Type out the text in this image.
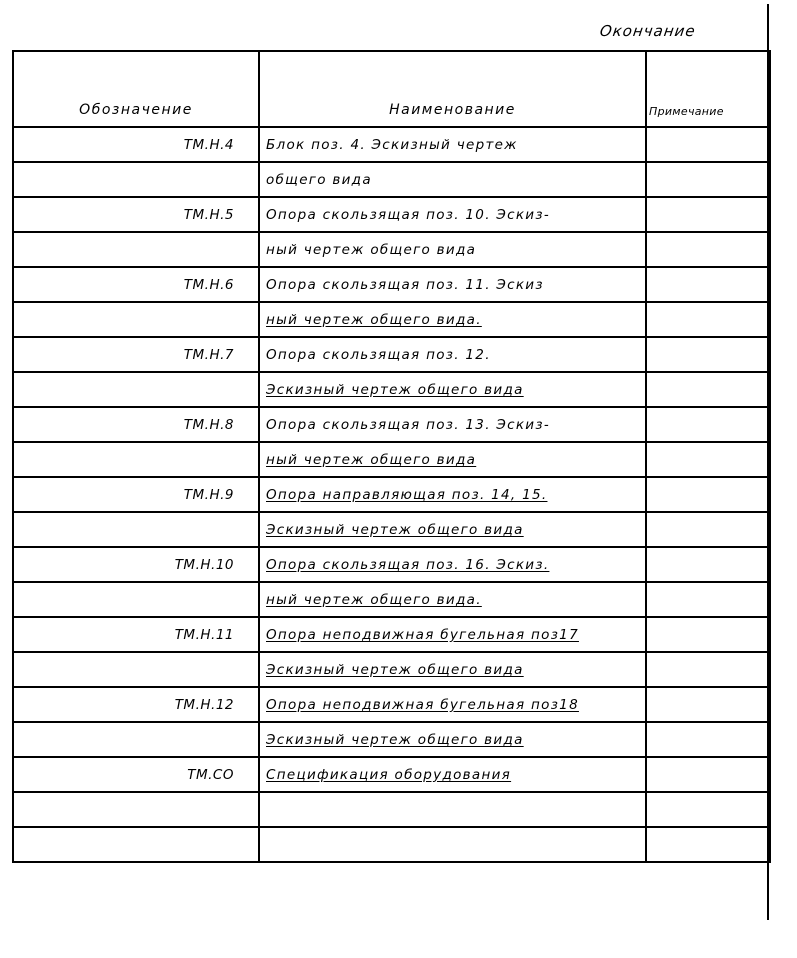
Окончание
Обозначение	Наименование	Примечание
ТМ.Н.4	Блок поз. 4. Эскизный чертеж	
	общего вида	
ТМ.Н.5	Опора скользящая поз. 10. Эскиз-	
	ный чертеж общего вида	
ТМ.Н.6	Опора скользящая поз. 11. Эскиз	
	ный чертеж общего вида.	
ТМ.Н.7	Опора скользящая поз. 12.	
	Эскизный чертеж общего вида	
ТМ.Н.8	Опора скользящая поз. 13. Эскиз-	
	ный чертеж общего вида	
ТМ.Н.9	Опора направляющая поз. 14, 15.	
	Эскизный чертеж общего вида	
ТМ.Н.10	Опора скользящая поз. 16. Эскиз.	
	ный чертеж общего вида.	
ТМ.Н.11	Опора неподвижная бугельная поз17	
	Эскизный чертеж общего вида	
ТМ.Н.12	Опора неподвижная бугельная поз18	
	Эскизный чертеж общего вида	
ТМ.СО	Спецификация оборудования	
